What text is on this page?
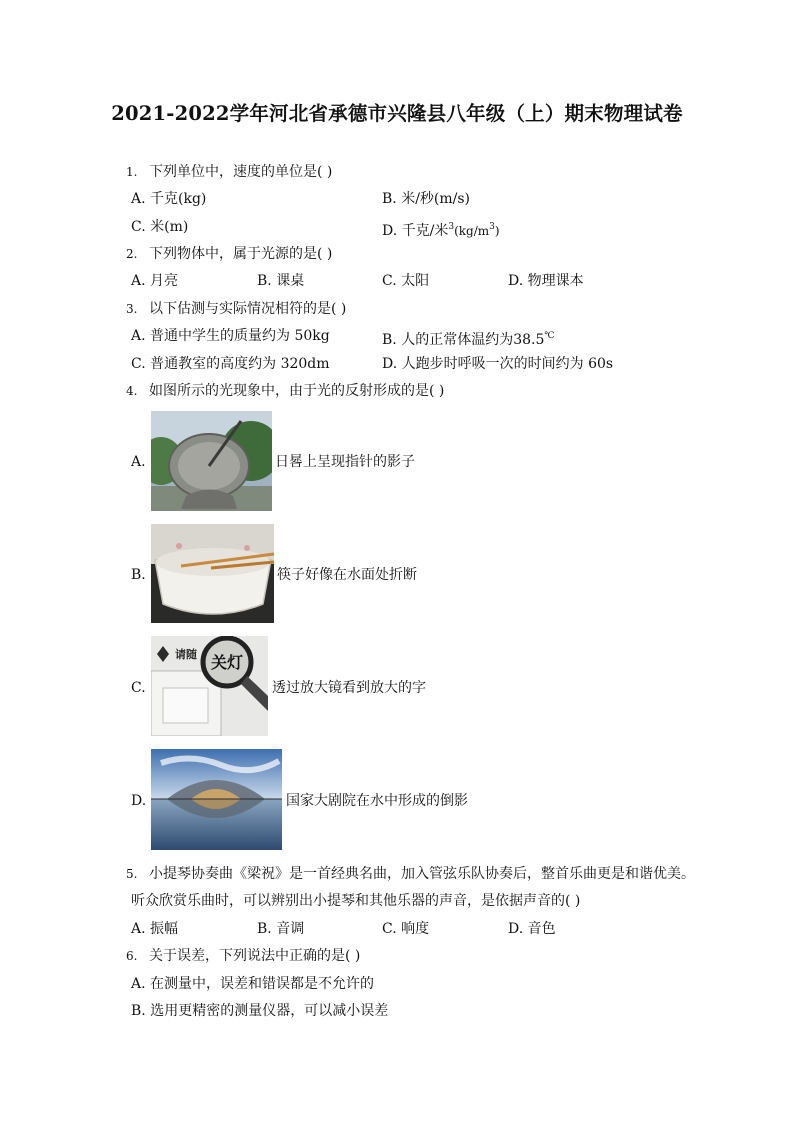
2021-2022学年河北省承德市兴隆县八年级（上）期末物理试卷
1. 下列单位中，速度的单位是( )
A. 千克(kg)	B. 米/秒(m/s)
C. 米(m)	D. 千克/米$^3(kg/m^3)$
2. 下列物体中，属于光源的是( )
A. 月亮	B. 课桌	C. 太阳	D. 物理课本
3. 以下估测与实际情况相符的是( )
A. 普通中学生的质量约为 50kg	B. 人的正常体温约为38.5℃
C. 普通教室的高度约为 320dm	D. 人跑步时呼吸一次的时间约为 60s
4. 如图所示的光现象中，由于光的反射形成的是( )
A.	日晷上呈现指针的影子
B.	筷子好像在水面处折断
C.
请随 关灯
透过放大镜看到放大的字
D.	国家大剧院在水中形成的倒影
5. 小提琴协奏曲《梁祝》是一首经典名曲，加入管弦乐队协奏后，整首乐曲更是和谐优美。
听众欣赏乐曲时，可以辨别出小提琴和其他乐器的声音，是依据声音的( )
A. 振幅	B. 音调	C. 响度	D. 音色
6. 关于误差，下列说法中正确的是( )
A. 在测量中，误差和错误都是不允许的
B. 选用更精密的测量仪器，可以减小误差
